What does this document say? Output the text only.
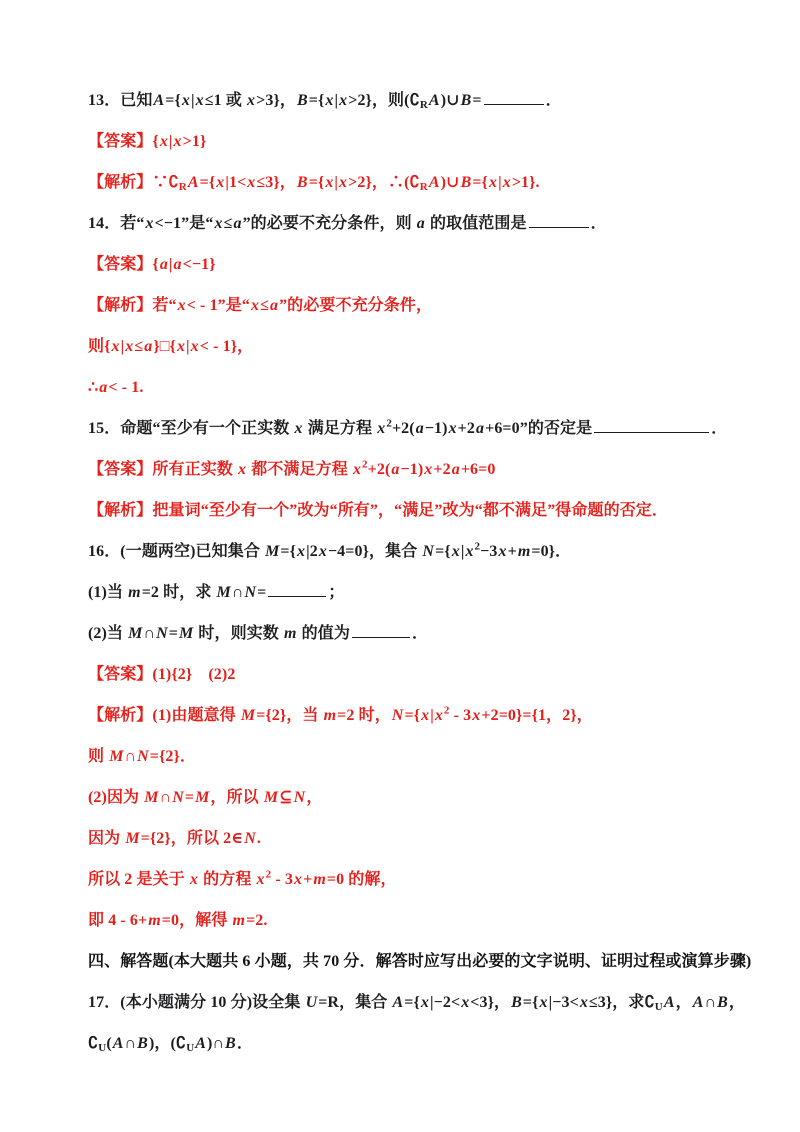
13．已知A={x|x≤1 或 x>3}，B={x|x>2}，则$(∁_RA)\cup B=$	．

【答案】{x|x>1}

【解析】$\because∁_RA=\{x|1<x\le 3\}$，B={x|x>2}，$\therefore(∁_RA)\cup B=\{x|x>1\}$.

14．若“x<−1”是“x≤a”的必要不充分条件，则 a 的取值范围是	．

【答案】{a|a<−1}

【解析】若“x< - 1”是“x≤a”的必要不充分条件，

则{x|x≤a}□{x|x< - 1}，

∴a< - 1.

15．命题“至少有一个正实数 x 满足方程 $x^2+2(a-1)x+2a+6=0$”的否定是	．

【答案】所有正实数 x 都不满足方程 $x^2+2(a-1)x+2a+6=0$

【解析】把量词“至少有一个”改为“所有”，“满足”改为“都不满足”得命题的否定．

16．(一题两空)已知集合 M={x|2x−4=0}，集合 $N=\{x|x^2-3x+m=0\}$．

(1)当 m=2 时，求 M∩N=	；

(2)当 M∩N=M 时，则实数 m 的值为	．

【答案】(1){2}　(2)2

【解析】(1)由题意得 M={2}，当 m=2 时，$N=\{x|x^2 - 3x+2=0\}=\{1$，2}，

则 M∩N={2}．

(2)因为 M∩N=M，所以 M⊆N，

因为 M={2}，所以 2∈N.

所以 2 是关于 x 的方程 $x^2 - 3x+m=0$ 的解，

即 4 - 6+m=0，解得 m=2.

四、解答题(本大题共 6 小题，共 70 分．解答时应写出必要的文字说明、证明过程或演算步骤)

17．(本小题满分 10 分)设全集 U=R，集合 A={x|−2<x<3}，B={x|−3<x≤3}，求$∁_UA$，A∩B，$∁_U(A\cap B)$，$(∁_UA)\cap B$．
